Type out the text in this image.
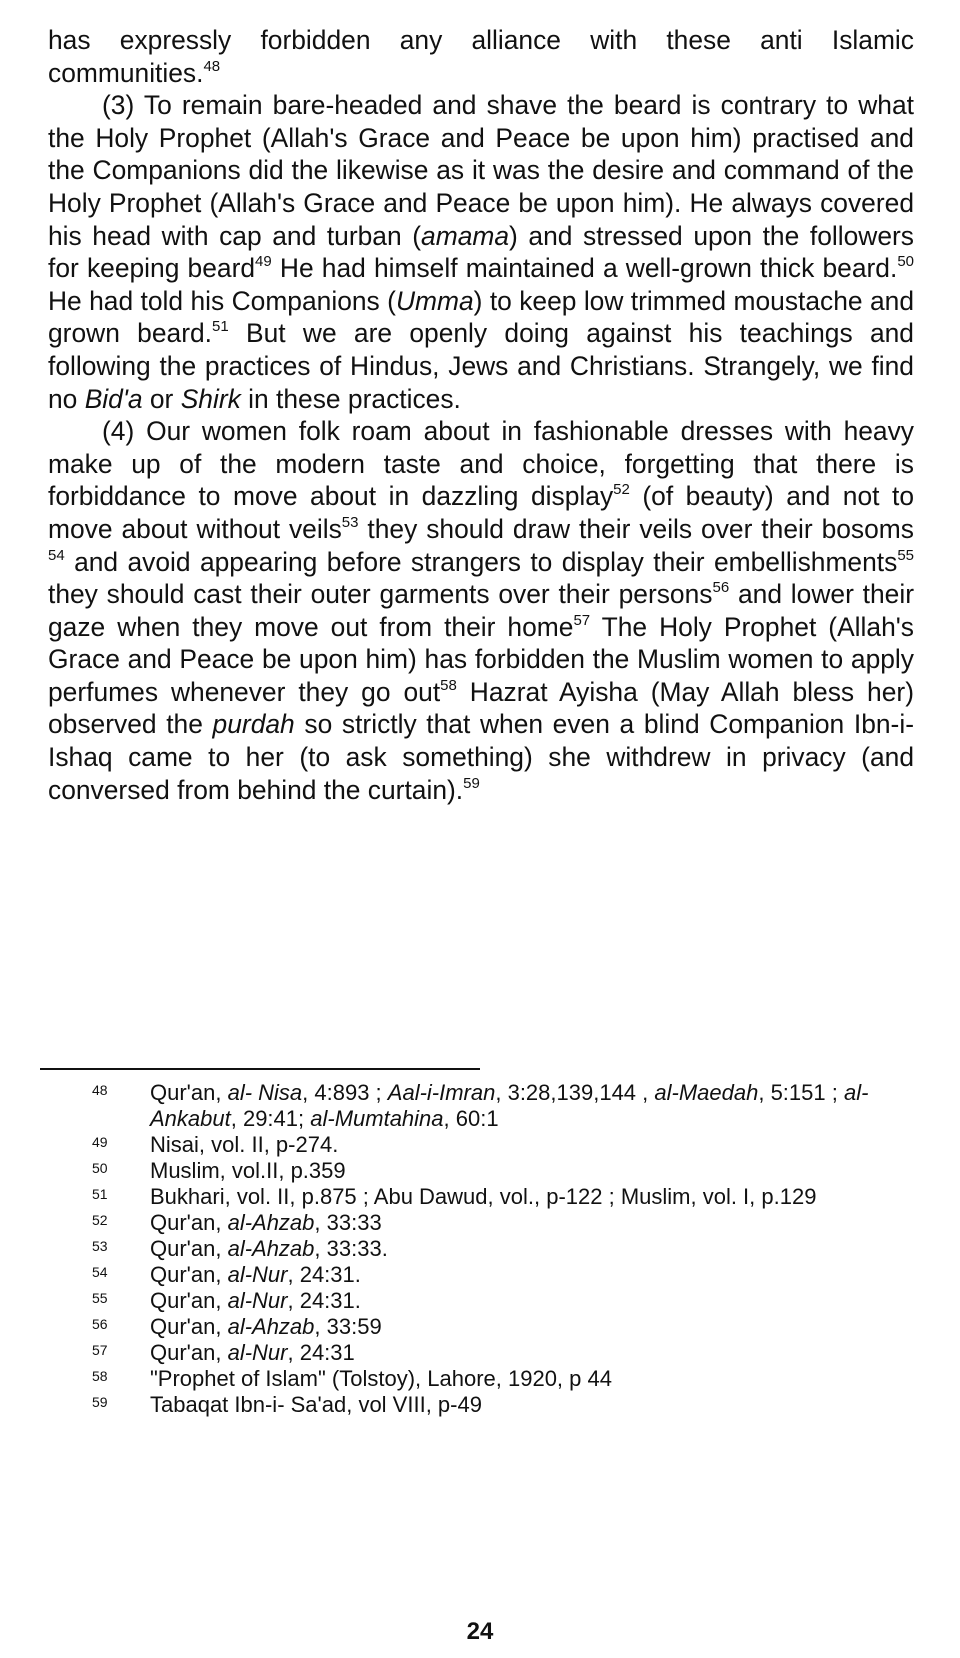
has expressly forbidden any alliance with these anti Islamic communities.$^{48}$

(3) To remain bare-headed and shave the beard is contrary to what the Holy Prophet (Allah's Grace and Peace be upon him) practised and the Companions did the likewise as it was the desire and command of the Holy Prophet (Allah's Grace and Peace be upon him). He always covered his head with cap and turban (amama) and stressed upon the followers for keeping beard$^{49}$ He had himself maintained a well-grown thick beard.$^{50}$ He had told his Companions (Umma) to keep low trimmed moustache and grown beard.$^{51}$ But we are openly doing against his teachings and following the practices of Hindus, Jews and Christians. Strangely, we find no Bid'a or Shirk in these practices.

(4) Our women folk roam about in fashionable dresses with heavy make up of the modern taste and choice, forgetting that there is forbiddance to move about in dazzling display$^{52}$ (of beauty) and not to move about without veils$^{53}$ they should draw their veils over their bosoms $^{54}$ and avoid appearing before strangers to display their embellishments$^{55}$ they should cast their outer garments over their persons$^{56}$ and lower their gaze when they move out from their home$^{57}$ The Holy Prophet (Allah's Grace and Peace be upon him) has forbidden the Muslim women to apply perfumes whenever they go out$^{58}$ Hazrat Ayisha (May Allah bless her) observed the purdah so strictly that when even a blind Companion Ibn-i-Ishaq came to her (to ask something) she withdrew in privacy (and conversed from behind the curtain).$^{59}$

48	Qur'an, al- Nisa, 4:893 ; Aal-i-Imran, 3:28,139,144 , al-Maedah, 5:151 ; al-Ankabut, 29:41; al-Mumtahina, 60:1
49	Nisai, vol. II, p-274.
50	Muslim, vol.II, p.359
51	Bukhari, vol. II, p.875 ; Abu Dawud, vol., p-122 ; Muslim, vol. I, p.129
52	Qur'an, al-Ahzab, 33:33
53	Qur'an, al-Ahzab, 33:33.
54	Qur'an, al-Nur, 24:31.
55	Qur'an, al-Nur, 24:31.
56	Qur'an, al-Ahzab, 33:59
57	Qur'an, al-Nur, 24:31
58	"Prophet of Islam" (Tolstoy), Lahore, 1920, p 44
59	Tabaqat Ibn-i- Sa'ad, vol VIII, p-49
24
